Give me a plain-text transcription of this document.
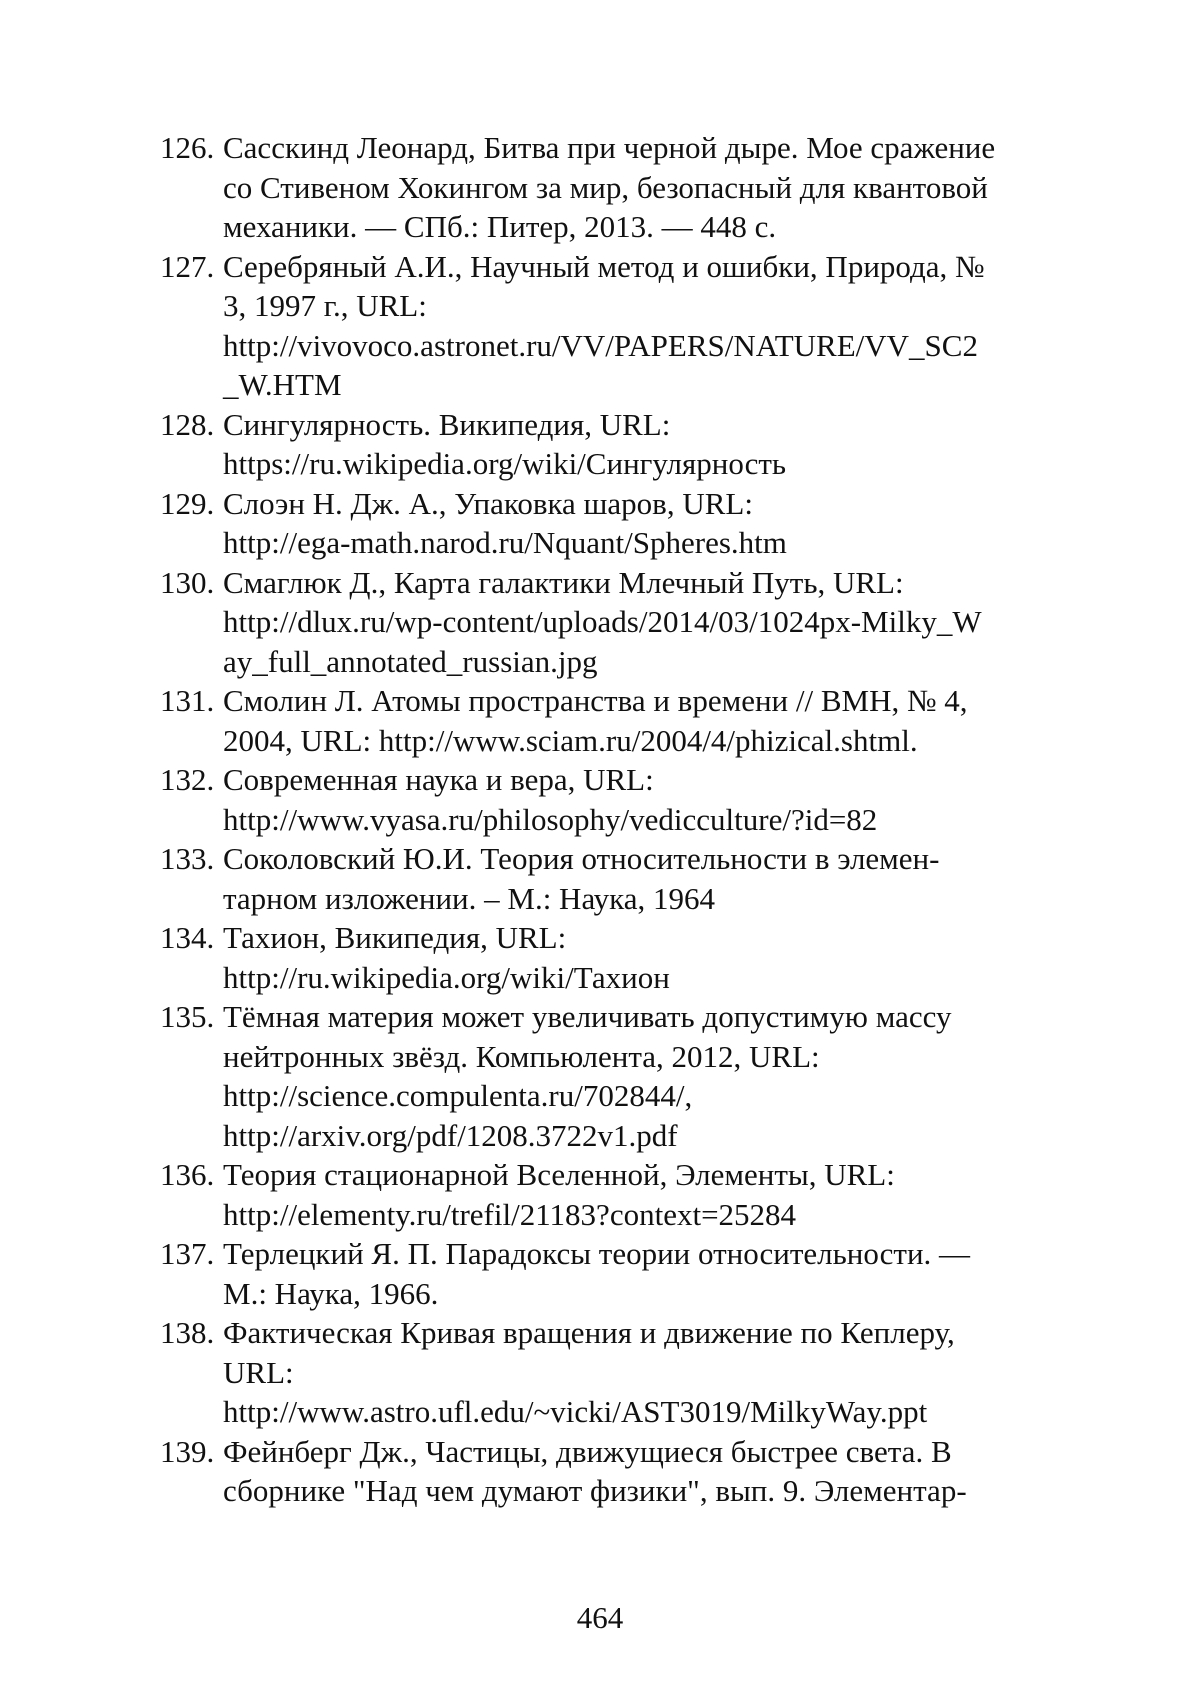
126. Сасскинд Леонард, Битва при черной дыре. Мое сражение
со Стивеном Хокингом за мир, безопасный для квантовой
механики. — СПб.: Питер, 2013. — 448 с.
127. Серебряный А.И., Научный метод и ошибки, Природа, №
3, 1997 г., URL:
http://vivovoco.astronet.ru/VV/PAPERS/NATURE/VV_SC2
_W.HTM
128. Сингулярность. Википедия, URL:
https://ru.wikipedia.org/wiki/Сингулярность
129. Слоэн Н. Дж. А., Упаковка шаров, URL:
http://ega-math.narod.ru/Nquant/Spheres.htm
130. Смаглюк Д., Карта галактики Млечный Путь, URL:
http://dlux.ru/wp-content/uploads/2014/03/1024px-Milky_W
ay_full_annotated_russian.jpg
131. Смолин Л. Атомы пространства и времени // ВМН, № 4,
2004, URL: http://www.sciam.ru/2004/4/phizical.shtml.
132. Современная наука и вера, URL:
http://www.vyasa.ru/philosophy/vedicculture/?id=82
133. Соколовский Ю.И. Теория относительности в элемен-
тарном изложении. – М.: Наука, 1964
134. Тахион, Википедия, URL:
http://ru.wikipedia.org/wiki/Тахион
135. Тёмная материя может увеличивать допустимую массу
нейтронных звёзд. Компьюлента, 2012, URL:
http://science.compulenta.ru/702844/,
http://arxiv.org/pdf/1208.3722v1.pdf
136. Теория стационарной Вселенной, Элементы, URL:
http://elementy.ru/trefil/21183?context=25284
137. Терлецкий Я. П. Парадоксы теории относительности. —
М.: Наука, 1966.
138. Фактическая Кривая вращения и движение по Кеплеру,
URL:
http://www.astro.ufl.edu/~vicki/AST3019/MilkyWay.ppt
139. Фейнберг Дж., Частицы, движущиеся быстрее света. В
сборнике "Над чем думают физики", вып. 9. Элементар-
464
